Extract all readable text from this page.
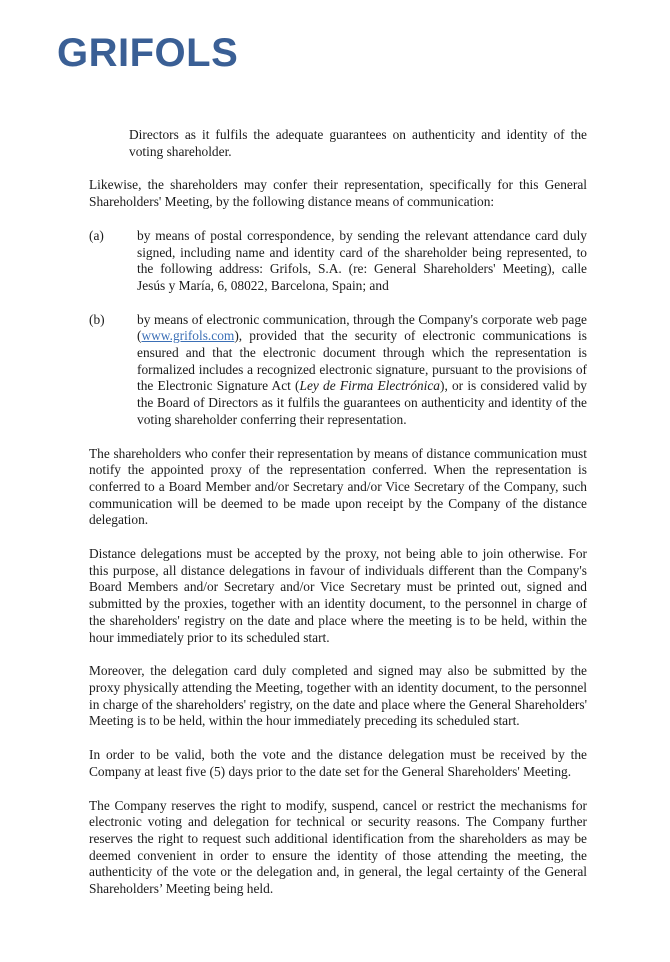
GRIFOLS

Directors as it fulfils the adequate guarantees on authenticity and identity of the voting shareholder.

Likewise, the shareholders may confer their representation, specifically for this General Shareholders' Meeting, by the following distance means of communication:

(a)	by means of postal correspondence, by sending the relevant attendance card duly signed, including name and identity card of the shareholder being represented, to the following address: Grifols, S.A. (re: General Shareholders' Meeting), calle Jesús y María, 6, 08022, Barcelona, Spain; and
(b)	by means of electronic communication, through the Company's corporate web page (www.grifols.com), provided that the security of electronic communications is ensured and that the electronic document through which the representation is formalized includes a recognized electronic signature, pursuant to the provisions of the Electronic Signature Act (Ley de Firma Electrónica), or is considered valid by the Board of Directors as it fulfils the guarantees on authenticity and identity of the voting shareholder conferring their representation.

The shareholders who confer their representation by means of distance communication must notify the appointed proxy of the representation conferred. When the representation is conferred to a Board Member and/or Secretary and/or Vice Secretary of the Company, such communication will be deemed to be made upon receipt by the Company of the distance delegation.

Distance delegations must be accepted by the proxy, not being able to join otherwise. For this purpose, all distance delegations in favour of individuals different than the Company's Board Members and/or Secretary and/or Vice Secretary must be printed out, signed and submitted by the proxies, together with an identity document, to the personnel in charge of the shareholders' registry on the date and place where the meeting is to be held, within the hour immediately prior to its scheduled start.

Moreover, the delegation card duly completed and signed may also be submitted by the proxy physically attending the Meeting, together with an identity document, to the personnel in charge of the shareholders' registry, on the date and place where the General Shareholders' Meeting is to be held, within the hour immediately preceding its scheduled start.

In order to be valid, both the vote and the distance delegation must be received by the Company at least five (5) days prior to the date set for the General Shareholders' Meeting.

The Company reserves the right to modify, suspend, cancel or restrict the mechanisms for electronic voting and delegation for technical or security reasons. The Company further reserves the right to request such additional identification from the shareholders as may be deemed convenient in order to ensure the identity of those attending the meeting, the authenticity of the vote or the delegation and, in general, the legal certainty of the General Shareholders’ Meeting being held.
